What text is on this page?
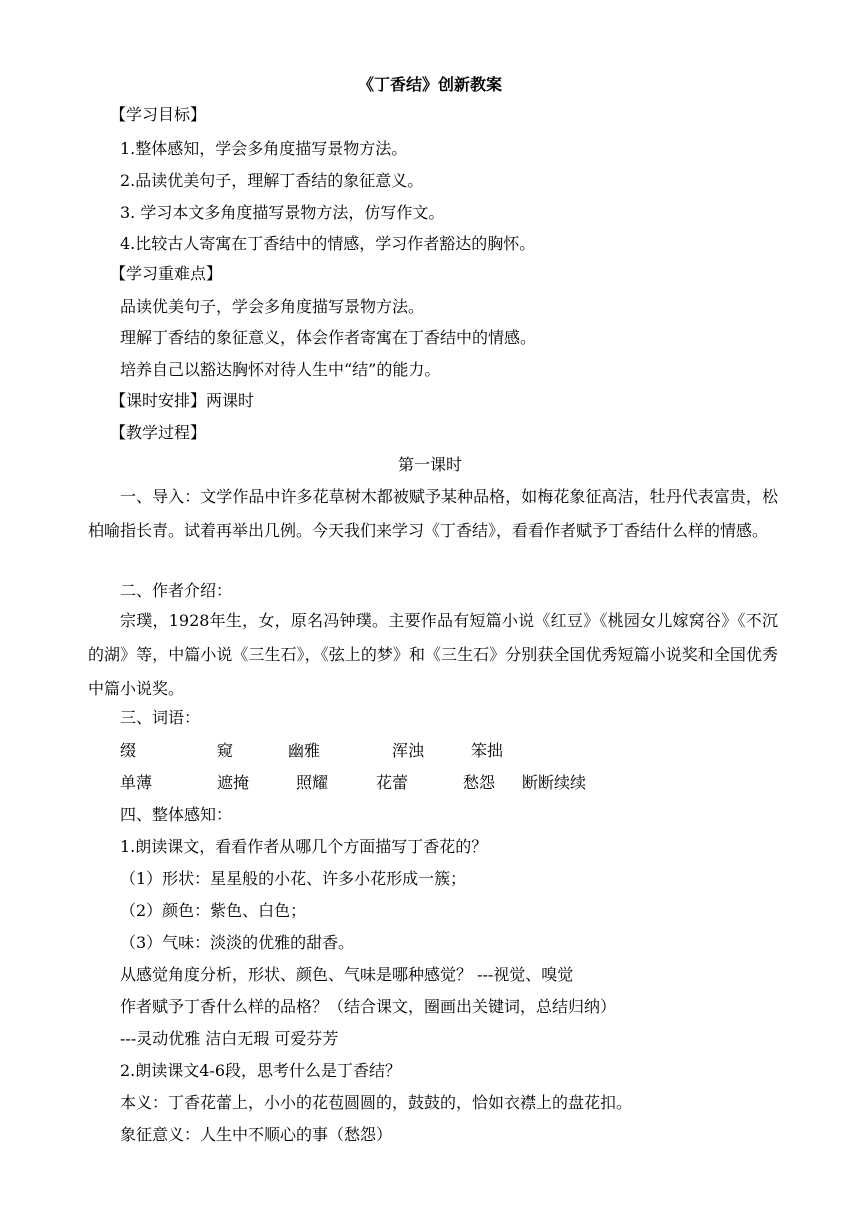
《丁香结》创新教案
【学习目标】
1.整体感知，学会多角度描写景物方法。
2.品读优美句子，理解丁香结的象征意义。
3. 学习本文多角度描写景物方法，仿写作文。
4.比较古人寄寓在丁香结中的情感，学习作者豁达的胸怀。
【学习重难点】
品读优美句子，学会多角度描写景物方法。
理解丁香结的象征意义，体会作者寄寓在丁香结中的情感。
培养自己以豁达胸怀对待人生中“结”的能力。
【课时安排】两课时
【教学过程】
第一课时
一、导入：文学作品中许多花草树木都被赋予某种品格，如梅花象征高洁，牡丹代表富贵，松柏喻指长青。试着再举出几例。今天我们来学习《丁香结》，看看作者赋予丁香结什么样的情感。
二、作者介绍：
宗璞，1928年生，女，原名冯钟璞。主要作品有短篇小说《红豆》《桃园女儿嫁窝谷》《不沉的湖》等，中篇小说《三生石》，《弦上的梦》和《三生石》分别获全国优秀短篇小说奖和全国优秀中篇小说奖。
三、词语：
缀	窥	幽雅	浑浊	笨拙
单薄	遮掩	照耀	花蕾	愁怨 断断续续
四、整体感知：
1.朗读课文，看看作者从哪几个方面描写丁香花的？
（1）形状：星星般的小花、许多小花形成一簇；
（2）颜色：紫色、白色；
（3）气味：淡淡的优雅的甜香。
从感觉角度分析，形状、颜色、气味是哪种感觉？ ---视觉、嗅觉
作者赋予丁香什么样的品格？（结合课文，圈画出关键词，总结归纳）
---灵动优雅 洁白无瑕 可爱芬芳
2.朗读课文4-6段，思考什么是丁香结？
本义：丁香花蕾上，小小的花苞圆圆的，鼓鼓的，恰如衣襟上的盘花扣。
象征意义：人生中不顺心的事（愁怨）
